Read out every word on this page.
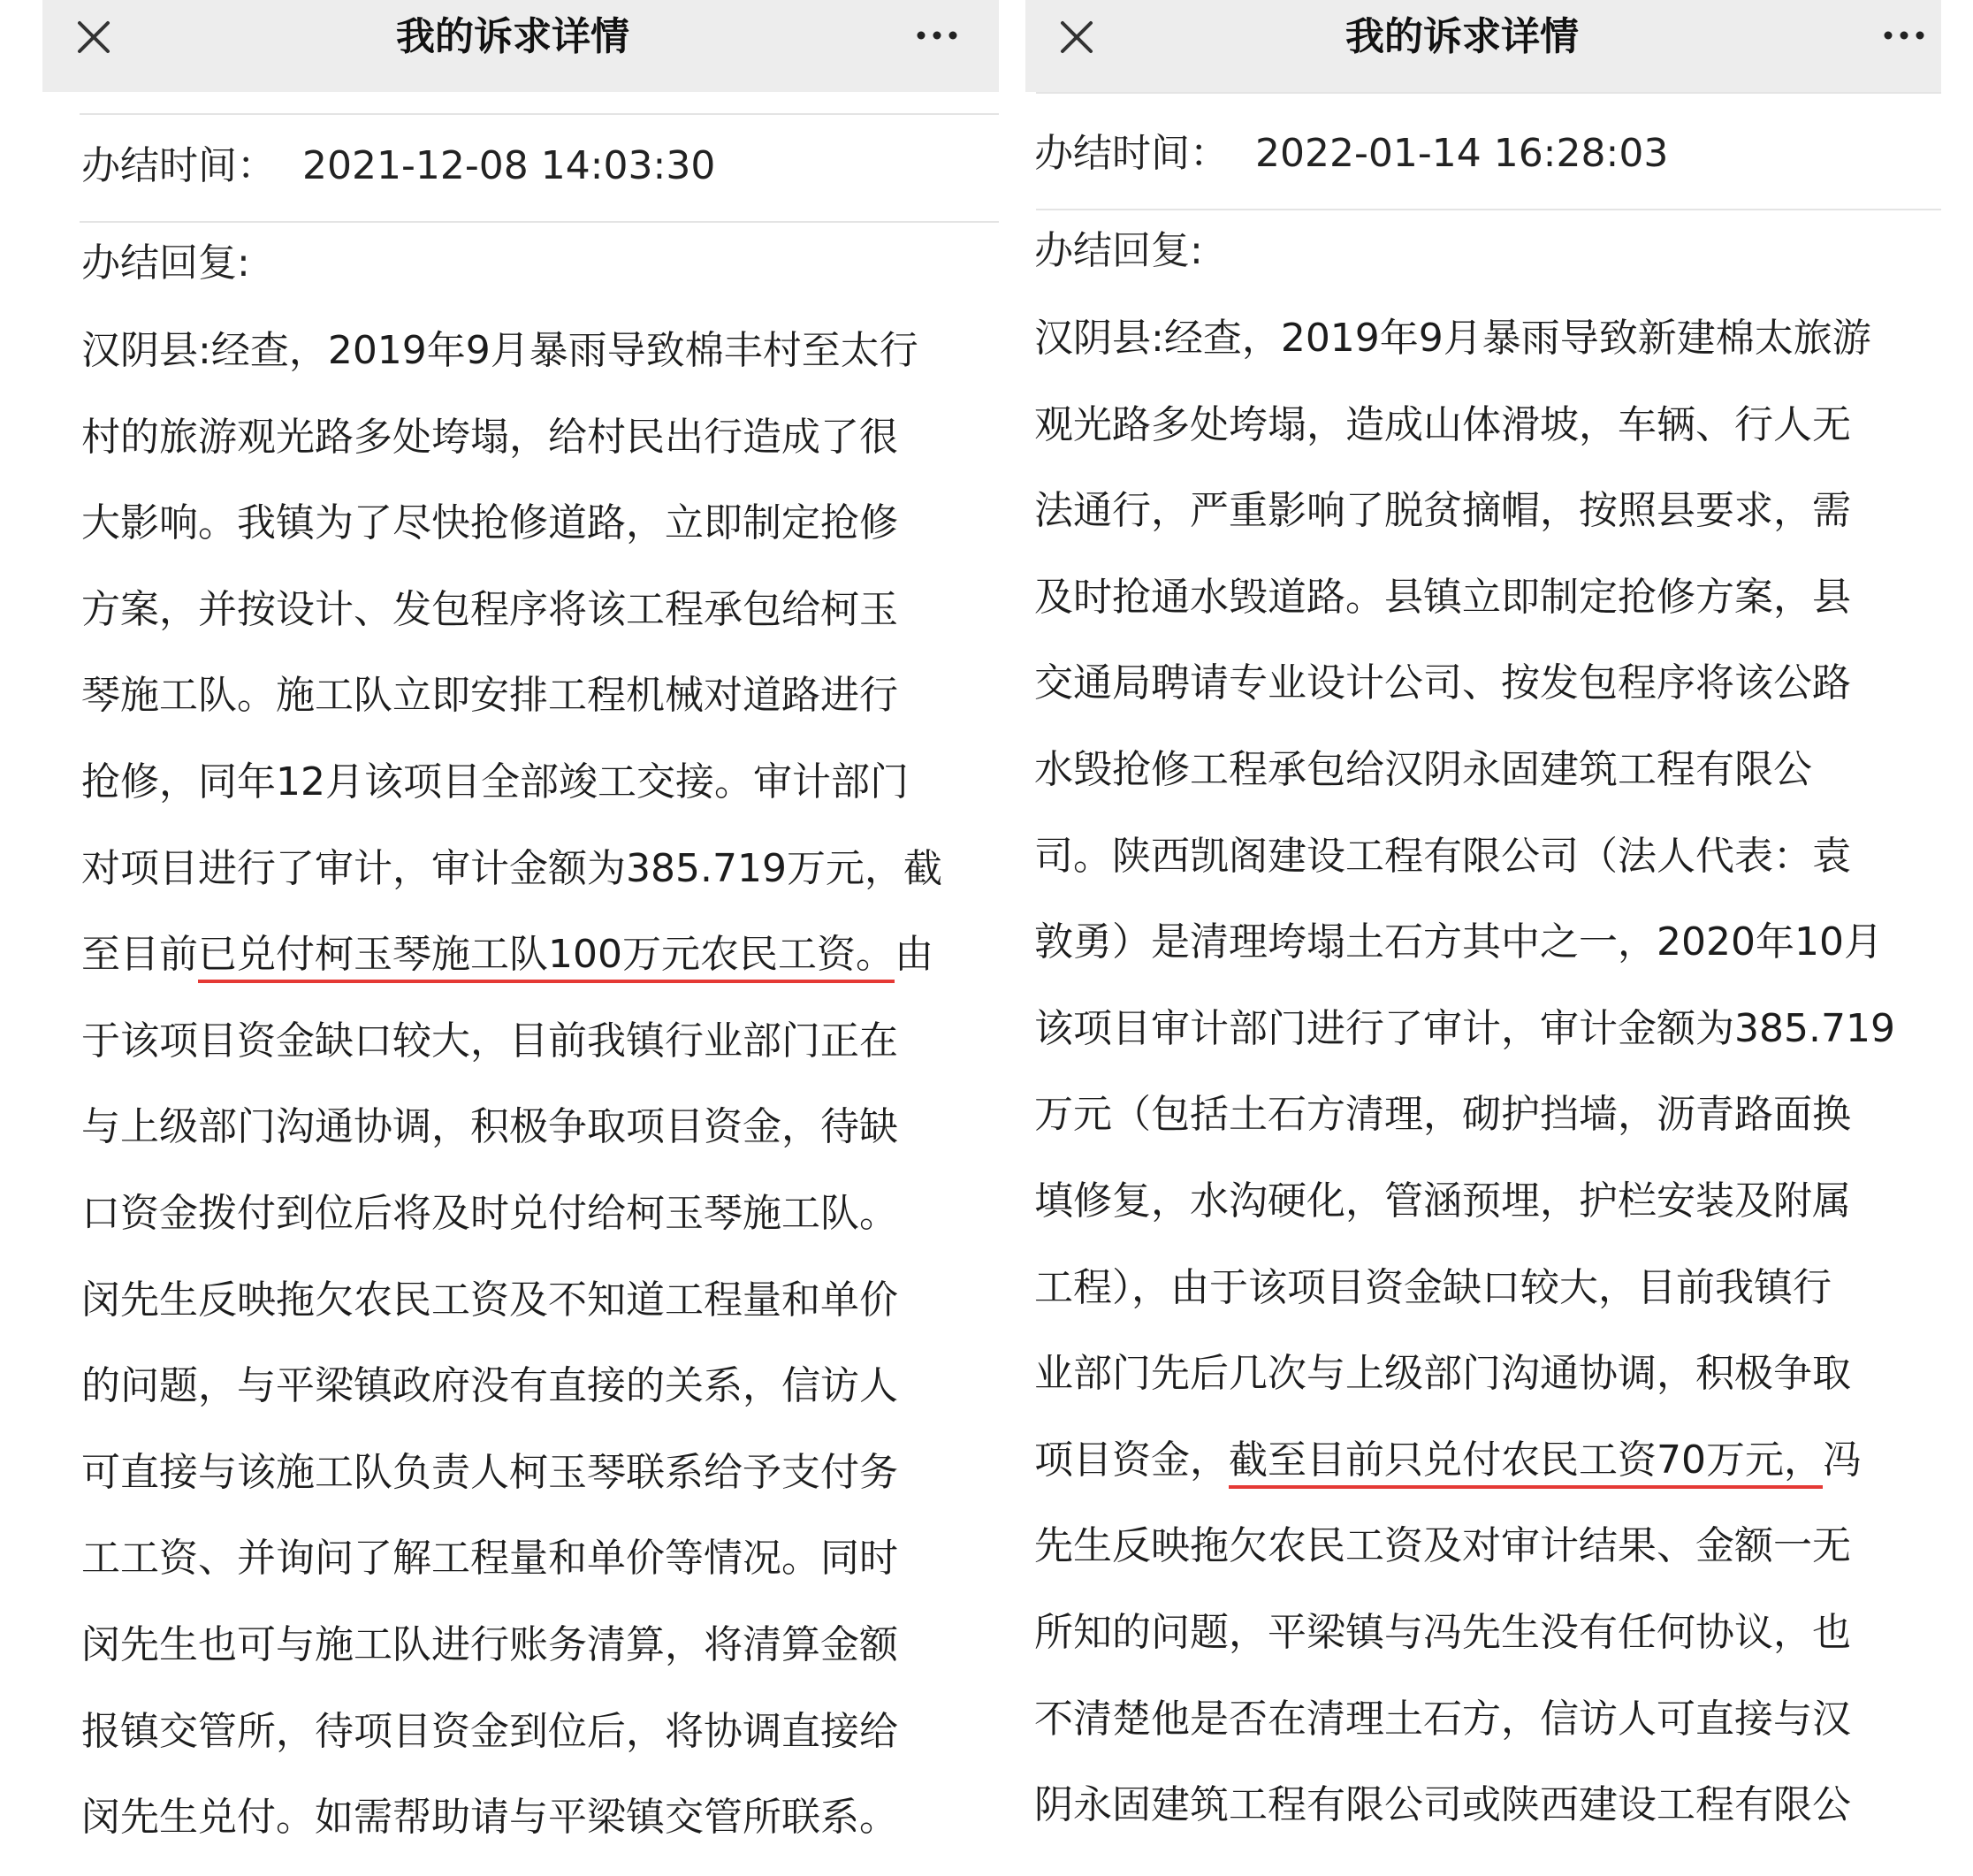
我的诉求详情
办结时间： 2021-12-08 14:03:30
办结回复:
汉阴县:经查，2019年9月暴雨导致棉丰村至太行
村的旅游观光路多处垮塌，给村民出行造成了很
大影响。我镇为了尽快抢修道路，立即制定抢修
方案，并按设计、发包程序将该工程承包给柯玉
琴施工队。施工队立即安排工程机械对道路进行
抢修，同年12月该项目全部竣工交接。审计部门
对项目进行了审计，审计金额为385.719万元，截
至目前已兑付柯玉琴施工队100万元农民工资。由
于该项目资金缺口较大，目前我镇行业部门正在
与上级部门沟通协调，积极争取项目资金，待缺
口资金拨付到位后将及时兑付给柯玉琴施工队。
闵先生反映拖欠农民工资及不知道工程量和单价
的问题，与平梁镇政府没有直接的关系，信访人
可直接与该施工队负责人柯玉琴联系给予支付务
工工资、并询问了解工程量和单价等情况。同时
闵先生也可与施工队进行账务清算，将清算金额
报镇交管所，待项目资金到位后，将协调直接给
闵先生兑付。如需帮助请与平梁镇交管所联系。
我的诉求详情
办结时间： 2022-01-14 16:28:03
办结回复:
汉阴县:经查，2019年9月暴雨导致新建棉太旅游
观光路多处垮塌，造成山体滑坡，车辆、行人无
法通行，严重影响了脱贫摘帽，按照县要求，需
及时抢通水毁道路。县镇立即制定抢修方案，县
交通局聘请专业设计公司、按发包程序将该公路
水毁抢修工程承包给汉阴永固建筑工程有限公
司。陕西凯阁建设工程有限公司（法人代表：袁
敦勇）是清理垮塌土石方其中之一，2020年10月
该项目审计部门进行了审计，审计金额为385.719
万元（包括土石方清理，砌护挡墙，沥青路面换
填修复，水沟硬化，管涵预埋，护栏安装及附属
工程），由于该项目资金缺口较大，目前我镇行
业部门先后几次与上级部门沟通协调，积极争取
项目资金，截至目前只兑付农民工资70万元，冯
先生反映拖欠农民工资及对审计结果、金额一无
所知的问题，平梁镇与冯先生没有任何协议，也
不清楚他是否在清理土石方，信访人可直接与汉
阴永固建筑工程有限公司或陕西建设工程有限公
